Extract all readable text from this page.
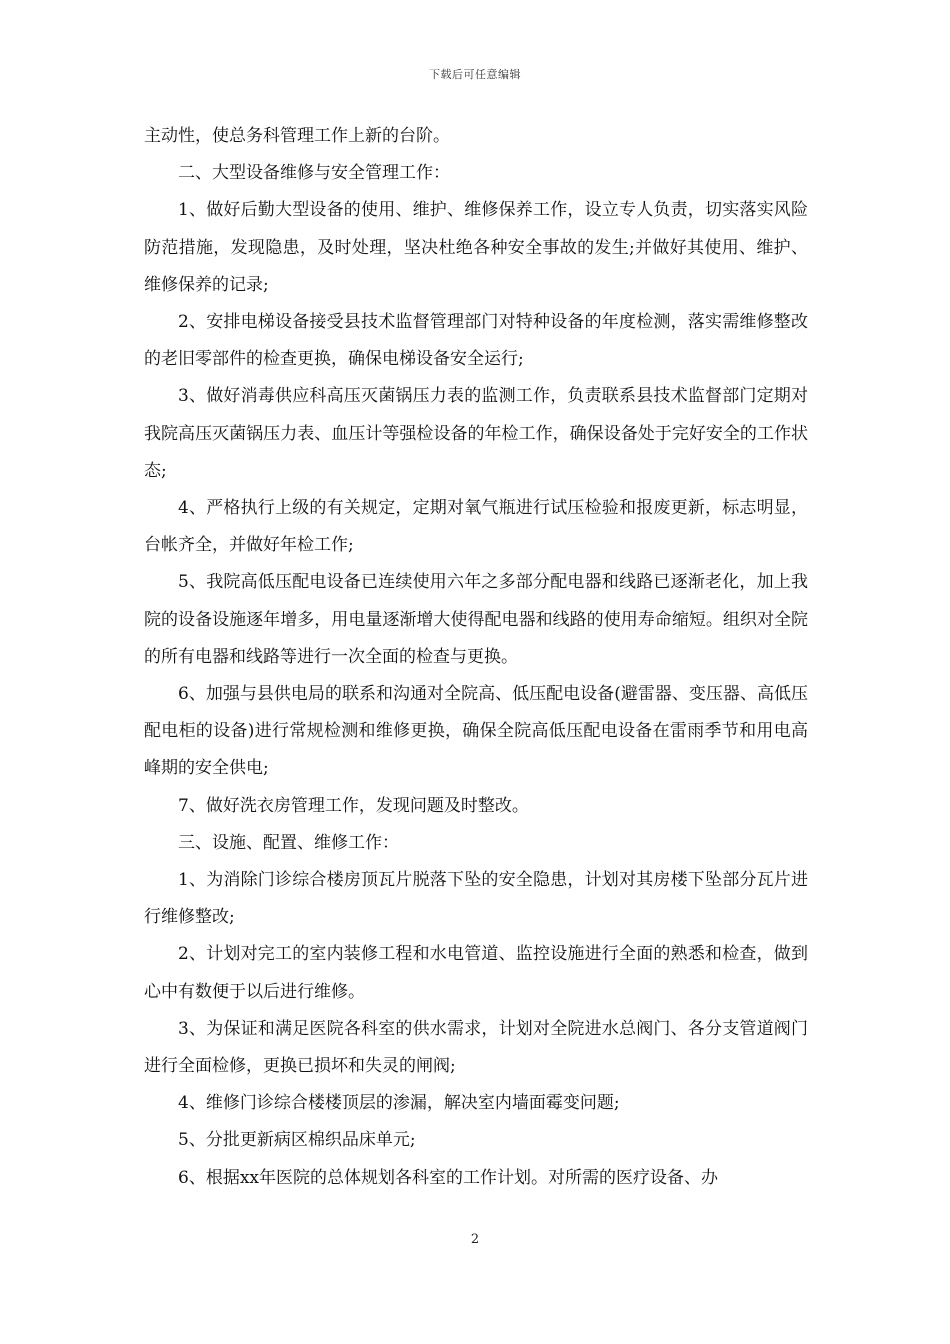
下载后可任意编辑

主动性，使总务科管理工作上新的台阶。

二、大型设备维修与安全管理工作：

1、做好后勤大型设备的使用、维护、维修保养工作，设立专人负责，切实落实风险防范措施，发现隐患，及时处理，坚决杜绝各种安全事故的发生;并做好其使用、维护、维修保养的记录;

2、安排电梯设备接受县技术监督管理部门对特种设备的年度检测，落实需维修整改的老旧零部件的检查更换，确保电梯设备安全运行;

3、做好消毒供应科高压灭菌锅压力表的监测工作，负责联系县技术监督部门定期对我院高压灭菌锅压力表、血压计等强检设备的年检工作，确保设备处于完好安全的工作状态;

4、严格执行上级的有关规定，定期对氧气瓶进行试压检验和报废更新，标志明显，台帐齐全，并做好年检工作;

5、我院高低压配电设备已连续使用六年之多部分配电器和线路已逐渐老化，加上我院的设备设施逐年增多，用电量逐渐增大使得配电器和线路的使用寿命缩短。组织对全院的所有电器和线路等进行一次全面的检查与更换。

6、加强与县供电局的联系和沟通对全院高、低压配电设备(避雷器、变压器、高低压配电柜的设备)进行常规检测和维修更换，确保全院高低压配电设备在雷雨季节和用电高峰期的安全供电;

7、做好洗衣房管理工作，发现问题及时整改。

三、设施、配置、维修工作：

1、为消除门诊综合楼房顶瓦片脱落下坠的安全隐患，计划对其房楼下坠部分瓦片进行维修整改;

2、计划对完工的室内装修工程和水电管道、监控设施进行全面的熟悉和检查，做到心中有数便于以后进行维修。

3、为保证和满足医院各科室的供水需求，计划对全院进水总阀门、各分支管道阀门进行全面检修，更换已损坏和失灵的闸阀;

4、维修门诊综合楼楼顶层的渗漏，解决室内墙面霉变问题;

5、分批更新病区棉织品床单元;

6、根据xx年医院的总体规划各科室的工作计划。对所需的医疗设备、办

2
